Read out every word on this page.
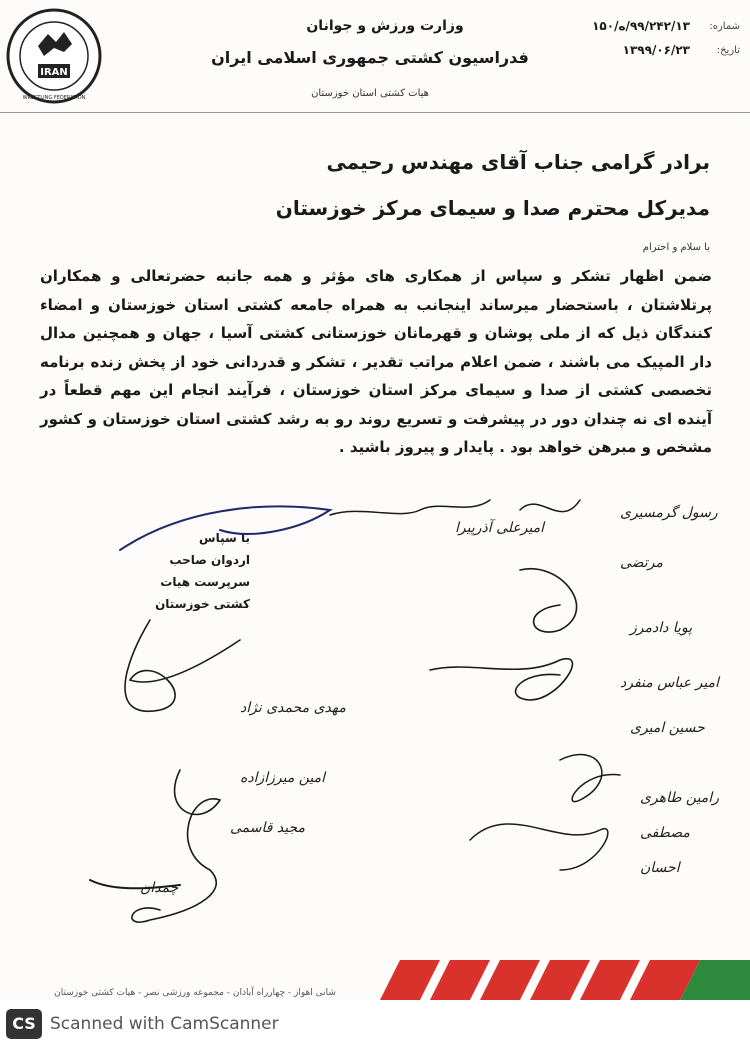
IRAN
WRESTLING FEDERATION
وزارت ورزش و جوانان
فدراسیون کشتی جمهوری اسلامی ایران
هیات کشتی استان خوزستان
شماره:
۹۹/۲۴۲/۱۳/ه/۱۵۰
تاریخ:
۱۳۹۹/۰۶/۲۳
برادر گرامی جناب آقای مهندس رحیمی
مدیرکل محترم صدا و سیمای مرکز خوزستان
با سلام و احترام
ضمن اظهار تشکر و سپاس از همکاری های مؤثر و همه جانبه حضرتعالی و همکاران پرتلاشتان ، باستحضار میرساند اینجانب به همراه جامعه کشتی استان خوزستان و امضاء کنندگان ذیل که از ملی پوشان و قهرمانان خوزستانی کشتی آسیا ، جهان و همچنین مدال دار المپیک می باشند ، ضمن اعلام مراتب تقدیر ، تشکر و قدردانی خود از پخش زنده برنامه تخصصی کشتی از صدا و سیمای مرکز استان خوزستان ، فرآیند انجام این مهم قطعاً در آینده ای نه چندان دور در پیشرفت و تسریع روند رو به رشد کشتی استان خوزستان و کشور مشخص و مبرهن خواهد بود . پایدار و پیروز باشید .
با سپاس
اردوان صاحب
سرپرست هیات کشتی خوزستان
رسول گرمسیری
امیرعلی آذرپیرا
مرتضی
پویا دادمرز
امیر عباس منفرد
حسین امیری
مهدی محمدی نژاد
امین میرزازاده
مجید قاسمی
رامین طاهری
مصطفی
احسان
چمدان
شانی اهواز - چهارراه آبادان - مجموعه ورزشی نصر - هیات کشتی خوزستان
CS Scanned with CamScanner
